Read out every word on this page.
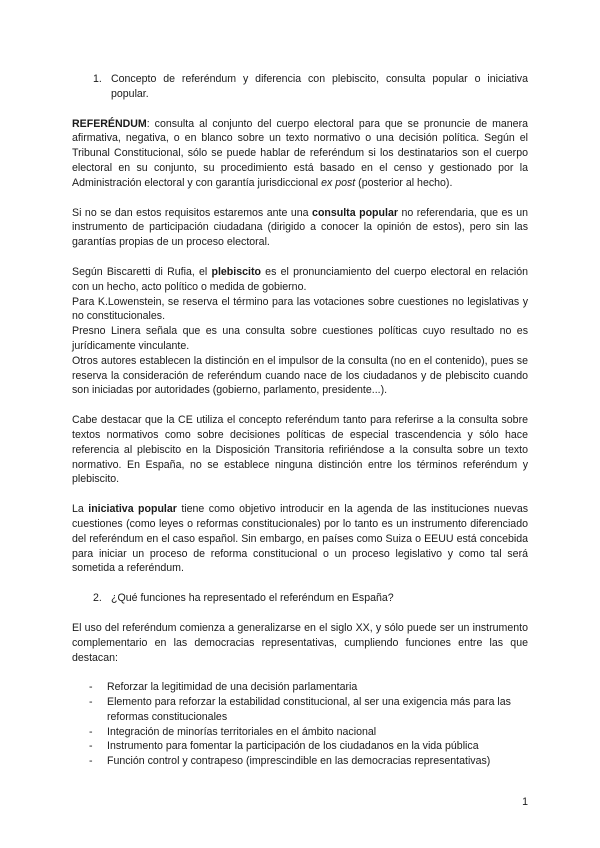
1. Concepto de referéndum y diferencia con plebiscito, consulta popular o iniciativa popular.

REFERÉNDUM: consulta al conjunto del cuerpo electoral para que se pronuncie de manera afirmativa, negativa, o en blanco sobre un texto normativo o una decisión política. Según el Tribunal Constitucional, sólo se puede hablar de referéndum si los destinatarios son el cuerpo electoral en su conjunto, su procedimiento está basado en el censo y gestionado por la Administración electoral y con garantía jurisdiccional ex post (posterior al hecho).

Si no se dan estos requisitos estaremos ante una consulta popular no referendaria, que es un instrumento de participación ciudadana (dirigido a conocer la opinión de estos), pero sin las garantías propias de un proceso electoral.

Según Biscaretti di Rufia, el plebiscito es el pronunciamiento del cuerpo electoral en relación con un hecho, acto político o medida de gobierno.

Para K.Lowenstein, se reserva el término para las votaciones sobre cuestiones no legislativas y no constitucionales.

Presno Linera señala que es una consulta sobre cuestiones políticas cuyo resultado no es jurídicamente vinculante.

Otros autores establecen la distinción en el impulsor de la consulta (no en el contenido), pues se reserva la consideración de referéndum cuando nace de los ciudadanos y de plebiscito cuando son iniciadas por autoridades (gobierno, parlamento, presidente...).

Cabe destacar que la CE utiliza el concepto referéndum tanto para referirse a la consulta sobre textos normativos como sobre decisiones políticas de especial trascendencia y sólo hace referencia al plebiscito en la Disposición Transitoria refiriéndose a la consulta sobre un texto normativo. En España, no se establece ninguna distinción entre los términos referéndum y plebiscito.

La iniciativa popular tiene como objetivo introducir en la agenda de las instituciones nuevas cuestiones (como leyes o reformas constitucionales) por lo tanto es un instrumento diferenciado del referéndum en el caso español. Sin embargo, en países como Suiza o EEUU está concebida para iniciar un proceso de reforma constitucional o un proceso legislativo y como tal será sometida a referéndum.

2. ¿Qué funciones ha representado el referéndum en España?

El uso del referéndum comienza a generalizarse en el siglo XX, y sólo puede ser un instrumento complementario en las democracias representativas, cumpliendo funciones entre las que destacan:

-	Reforzar la legitimidad de una decisión parlamentaria
-	Elemento para reforzar la estabilidad constitucional, al ser una exigencia más para las reformas constitucionales
-	Integración de minorías territoriales en el ámbito nacional
-	Instrumento para fomentar la participación de los ciudadanos en la vida pública
-	Función control y contrapeso (imprescindible en las democracias representativas)
1
